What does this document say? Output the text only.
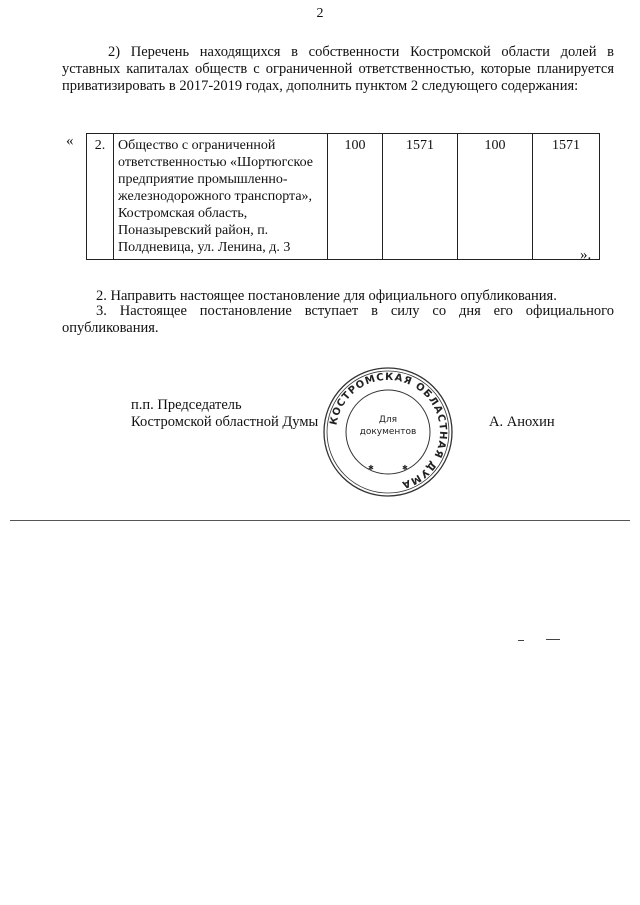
2
2) Перечень находящихся в собственности Костромской области долей в уставных капиталах обществ с ограниченной ответственностью, которые планируется приватизировать в 2017-2019 годах, дополнить пунктом 2 следующего содержания:
« 2.	Общество с ограниченной ответственностью «Шортюгское предприятие промышленно-железнодорожного транспорта», Костромская область, Поназыревский район, п. Полдневица, ул. Ленина, д. 3	100	1571	100	1571
».
2. Направить настоящее постановление для официального опубликования.
3. Настоящее постановление вступает в силу со дня его официального опубликования.
п.п. Председатель
Костромской областной Думы	А. Анохин
КОСТРОМСКАЯ ОБЛАСТНАЯ ДУМА
Для
документов
✱	✱
